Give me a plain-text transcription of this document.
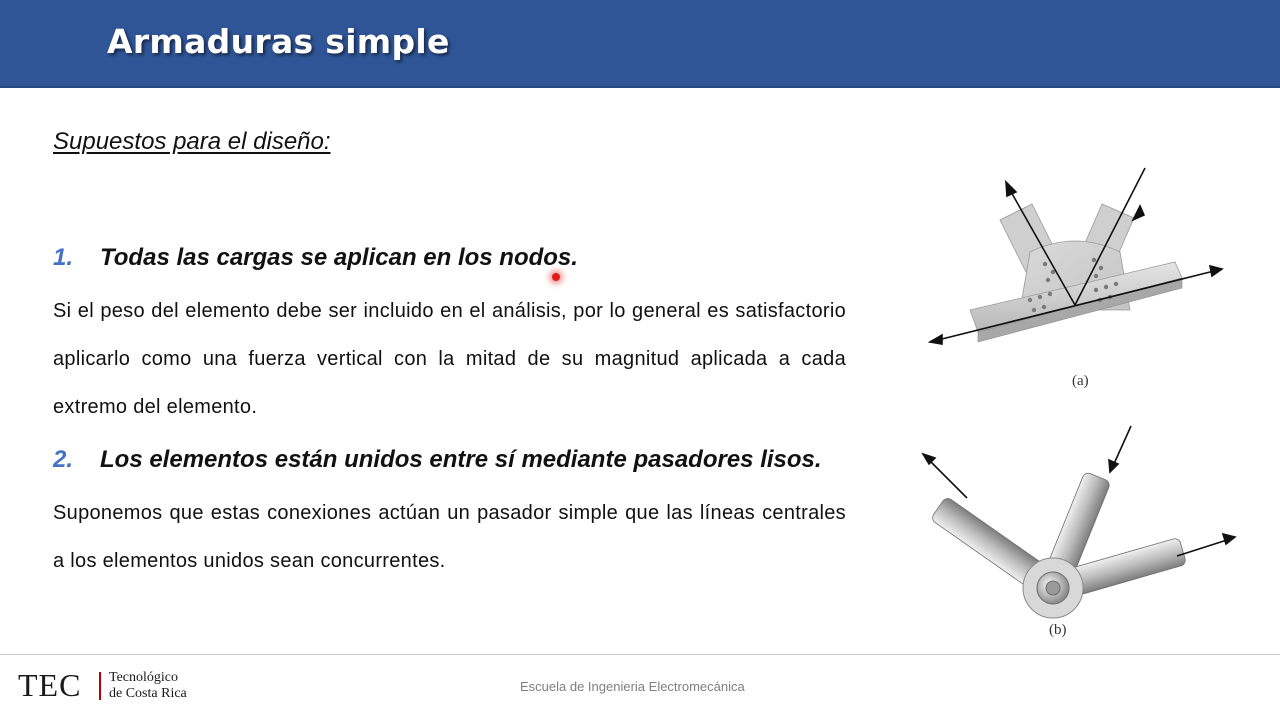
Armaduras simple
Supuestos para el diseño:
1. Todas las cargas se aplican en los nodos.
Si el peso del elemento debe ser incluido en el análisis, por lo general es satisfactorio aplicarlo como una fuerza vertical con la mitad de su magnitud aplicada a cada extremo del elemento.
2. Los elementos están unidos entre sí mediante pasadores lisos.
Suponemos que estas conexiones actúan un pasador simple que las líneas centrales a los elementos unidos sean concurrentes.
(a)
(b)
TEC Tecnológico
de Costa Rica	Escuela de Ingenieria Electromecánica
